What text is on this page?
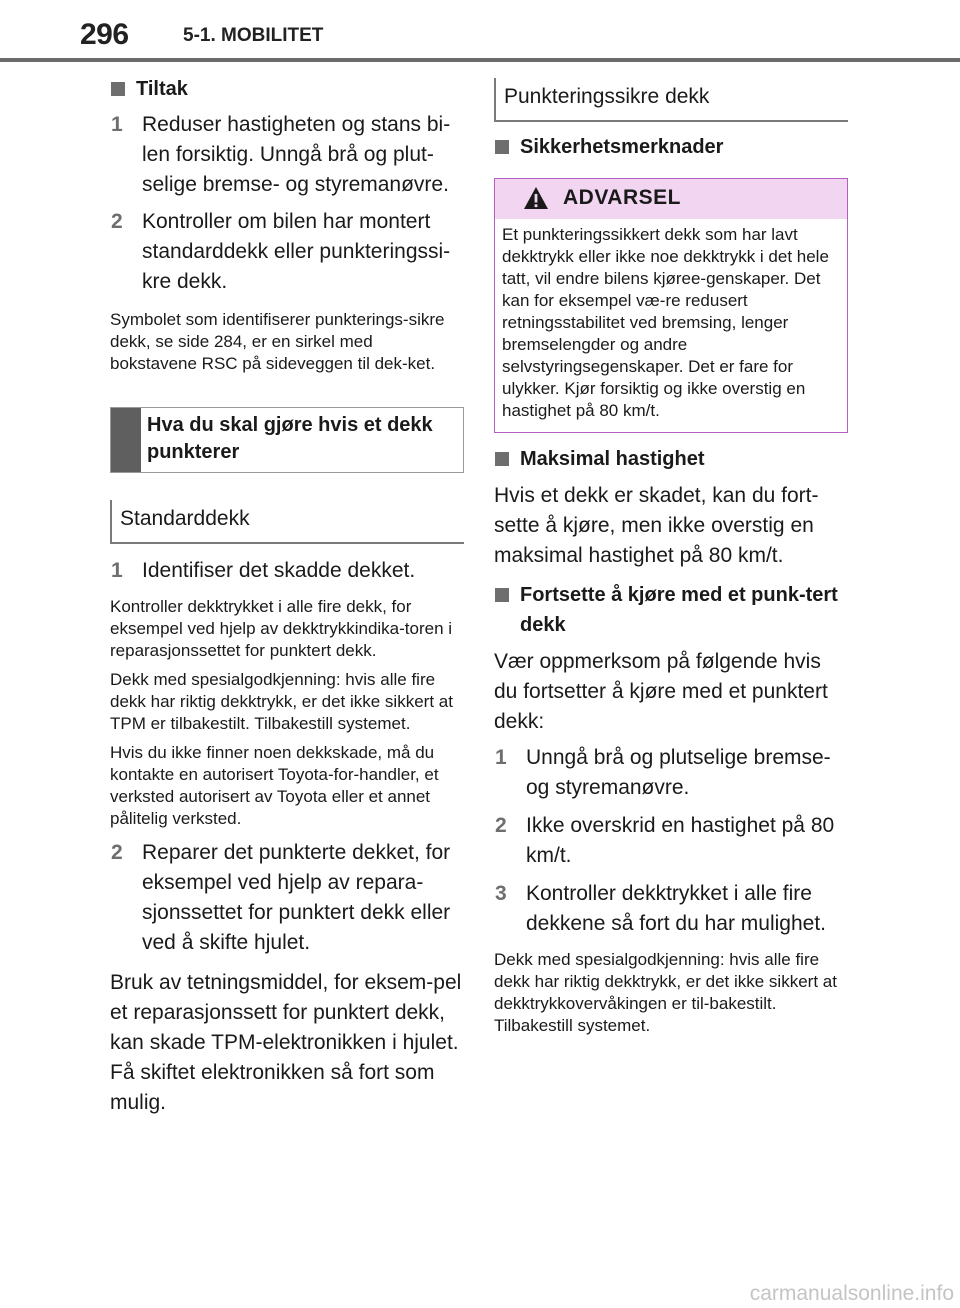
296	5-1. MOBILITET

Tiltak

1 Reduser hastigheten og stans bi-len forsiktig. Unngå brå og plut-selige bremse- og styremanøvre.

2 Kontroller om bilen har montert standarddekk eller punkteringssi-kre dekk.

Symbolet som identifiserer punkterings-sikre dekk, se side 284, er en sirkel med bokstavene RSC på sideveggen til dek-ket.

Hva du skal gjøre hvis et dekk punkterer
Standarddekk

1 Identifiser det skadde dekket.

Kontroller dekktrykket i alle fire dekk, for eksempel ved hjelp av dekktrykkindika-toren i reparasjonssettet for punktert dekk.

Dekk med spesialgodkjenning: hvis alle fire dekk har riktig dekktrykk, er det ikke sikkert at TPM er tilbakestilt. Tilbakestill systemet.

Hvis du ikke finner noen dekkskade, må du kontakte en autorisert Toyota-for-handler, et verksted autorisert av Toyota eller et annet pålitelig verksted.

2 Reparer det punkterte dekket, for eksempel ved hjelp av repara-sjonssettet for punktert dekk eller ved å skifte hjulet.

Bruk av tetningsmiddel, for eksem-pel et reparasjonssett for punktert dekk, kan skade TPM-elektronikken i hjulet. Få skiftet elektronikken så fort som mulig.

Punkteringssikre dekk

Sikkerhetsmerknader

ADVARSEL
Et punkteringssikkert dekk som har lavt dekktrykk eller ikke noe dekktrykk i det hele tatt, vil endre bilens kjøree-genskaper. Det kan for eksempel væ-re redusert retningsstabilitet ved bremsing, lenger bremselengder og andre selvstyringsegenskaper. Det er fare for ulykker. Kjør forsiktig og ikke overstig en hastighet på 80 km/t.

Maksimal hastighet

Hvis et dekk er skadet, kan du fort-sette å kjøre, men ikke overstig en maksimal hastighet på 80 km/t.

Fortsette å kjøre med et punk-tert dekk

Vær oppmerksom på følgende hvis du fortsetter å kjøre med et punktert dekk:

1 Unngå brå og plutselige bremse- og styremanøvre.

2 Ikke overskrid en hastighet på 80 km/t.

3 Kontroller dekktrykket i alle fire dekkene så fort du har mulighet.

Dekk med spesialgodkjenning: hvis alle fire dekk har riktig dekktrykk, er det ikke sikkert at dekktrykkovervåkingen er til-bakestilt. Tilbakestill systemet.

carmanualsonline.info
